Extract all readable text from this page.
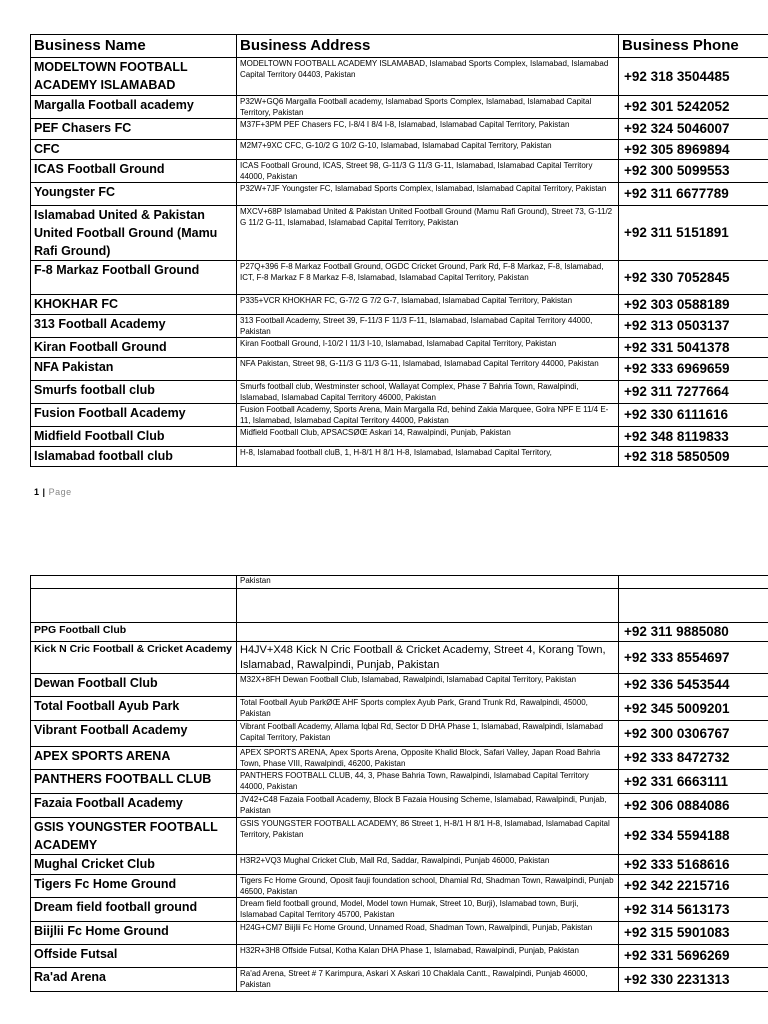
Business Name	Business Address	Business Phone
MODELTOWN FOOTBALL ACADEMY ISLAMABAD	MODELTOWN FOOTBALL ACADEMY ISLAMABAD, Islamabad Sports Complex, Islamabad, Islamabad Capital Territory 04403, Pakistan	+92 318 3504485
Margalla Football academy	P32W+GQ6 Margalla Football academy, Islamabad Sports Complex, Islamabad, Islamabad Capital Territory, Pakistan	+92 301 5242052
PEF Chasers FC	M37F+3PM PEF Chasers FC, I-8/4 I 8/4 I-8, Islamabad, Islamabad Capital Territory, Pakistan	+92 324 5046007
CFC	M2M7+9XC CFC, G-10/2 G 10/2 G-10, Islamabad, Islamabad Capital Territory, Pakistan	+92 305 8969894
ICAS Football Ground	ICAS Football Ground, ICAS, Street 98, G-11/3 G 11/3 G-11, Islamabad, Islamabad Capital Territory 44000, Pakistan	+92 300 5099553
Youngster FC	P32W+7JF Youngster FC, Islamabad Sports Complex, Islamabad, Islamabad Capital Territory, Pakistan	+92 311 6677789
Islamabad United & Pakistan United Football Ground (Mamu Rafi Ground)	MXCV+68P Islamabad United & Pakistan United Football Ground (Mamu Rafi Ground), Street 73, G-11/2 G 11/2 G-11, Islamabad, Islamabad Capital Territory, Pakistan	+92 311 5151891
F-8 Markaz Football Ground	P27Q+396 F-8 Markaz Football Ground, OGDC Cricket Ground, Park Rd, F-8 Markaz, F-8, Islamabad, ICT, F-8 Markaz F 8 Markaz F-8, Islamabad, Islamabad Capital Territory, Pakistan	+92 330 7052845
KHOKHAR FC	P335+VCR KHOKHAR FC, G-7/2 G 7/2 G-7, Islamabad, Islamabad Capital Territory, Pakistan	+92 303 0588189
313 Football Academy	313 Football Academy, Street 39, F-11/3 F 11/3 F-11, Islamabad, Islamabad Capital Territory 44000, Pakistan	+92 313 0503137
Kiran Football Ground	Kiran Football Ground, I-10/2 I 11/3 I-10, Islamabad, Islamabad Capital Territory, Pakistan	+92 331 5041378
NFA Pakistan	NFA Pakistan, Street 98, G-11/3 G 11/3 G-11, Islamabad, Islamabad Capital Territory 44000, Pakistan	+92 333 6969659
Smurfs football club	Smurfs football club, Westminster school, Wallayat Complex, Phase 7 Bahria Town, Rawalpindi, Islamabad, Islamabad Capital Territory 46000, Pakistan	+92 311 7277664
Fusion Football Academy	Fusion Football Academy, Sports Arena, Main Margalla Rd, behind Zakia Marquee, Golra NPF E 11/4 E-11, Islamabad, Islamabad Capital Territory 44000, Pakistan	+92 330 6111616
Midfield Football Club	Midfield Football Club, APSACSØŒ Askari 14, Rawalpindi, Punjab, Pakistan	+92 348 8119833
Islamabad football club	H-8, Islamabad football cluB, 1, H-8/1 H 8/1 H-8, Islamabad, Islamabad Capital Territory,	+92 318 5850509
1 | Page
	Pakistan	

PPG Football Club		+92 311 9885080
Kick N Cric Football & Cricket Academy	H4JV+X48 Kick N Cric Football & Cricket Academy, Street 4, Korang Town, Islamabad, Rawalpindi, Punjab, Pakistan	+92 333 8554697
Dewan Football Club	M32X+8FH Dewan Football Club, Islamabad, Rawalpindi, Islamabad Capital Territory, Pakistan	+92 336 5453544
Total Football Ayub Park	Total Football Ayub ParkØŒ AHF Sports complex Ayub Park, Grand Trunk Rd, Rawalpindi, 45000, Pakistan	+92 345 5009201
Vibrant Football Academy	Vibrant Football Academy, Allama Iqbal Rd, Sector D DHA Phase 1, Islamabad, Rawalpindi, Islamabad Capital Territory, Pakistan	+92 300 0306767
APEX SPORTS ARENA	APEX SPORTS ARENA, Apex Sports Arena, Opposite Khalid Block, Safari Valley, Japan Road Bahria Town, Phase VIII, Rawalpindi, 46200, Pakistan	+92 333 8472732
PANTHERS FOOTBALL CLUB	PANTHERS FOOTBALL CLUB, 44, 3, Phase Bahria Town, Rawalpindi, Islamabad Capital Territory 44000, Pakistan	+92 331 6663111
Fazaia Football Academy	JV42+C48 Fazaia Football Academy, Block B Fazaia Housing Scheme, Islamabad, Rawalpindi, Punjab, Pakistan	+92 306 0884086
GSIS YOUNGSTER FOOTBALL ACADEMY	GSIS YOUNGSTER FOOTBALL ACADEMY, 86 Street 1, H-8/1 H 8/1 H-8, Islamabad, Islamabad Capital Territory, Pakistan	+92 334 5594188
Mughal Cricket Club	H3R2+VQ3 Mughal Cricket Club, Mall Rd, Saddar, Rawalpindi, Punjab 46000, Pakistan	+92 333 5168616
Tigers Fc Home Ground	Tigers Fc Home Ground, Oposit fauji foundation school, Dhamial Rd, Shadman Town, Rawalpindi, Punjab 46500, Pakistan	+92 342 2215716
Dream field football ground	Dream field football ground, Model, Model town Humak, Street 10, Burji), Islamabad town, Burji, Islamabad Capital Territory 45700, Pakistan	+92 314 5613173
Biijlii Fc Home Ground	H24G+CM7 Biijlii Fc Home Ground, Unnamed Road, Shadman Town, Rawalpindi, Punjab, Pakistan	+92 315 5901083
Offside Futsal	H32R+3H8 Offside Futsal, Kotha Kalan DHA Phase 1, Islamabad, Rawalpindi, Punjab, Pakistan	+92 331 5696269
Ra'ad Arena	Ra'ad Arena, Street # 7 Karimpura, Askari X Askari 10 Chaklala Cantt., Rawalpindi, Punjab 46000, Pakistan	+92 330 2231313
